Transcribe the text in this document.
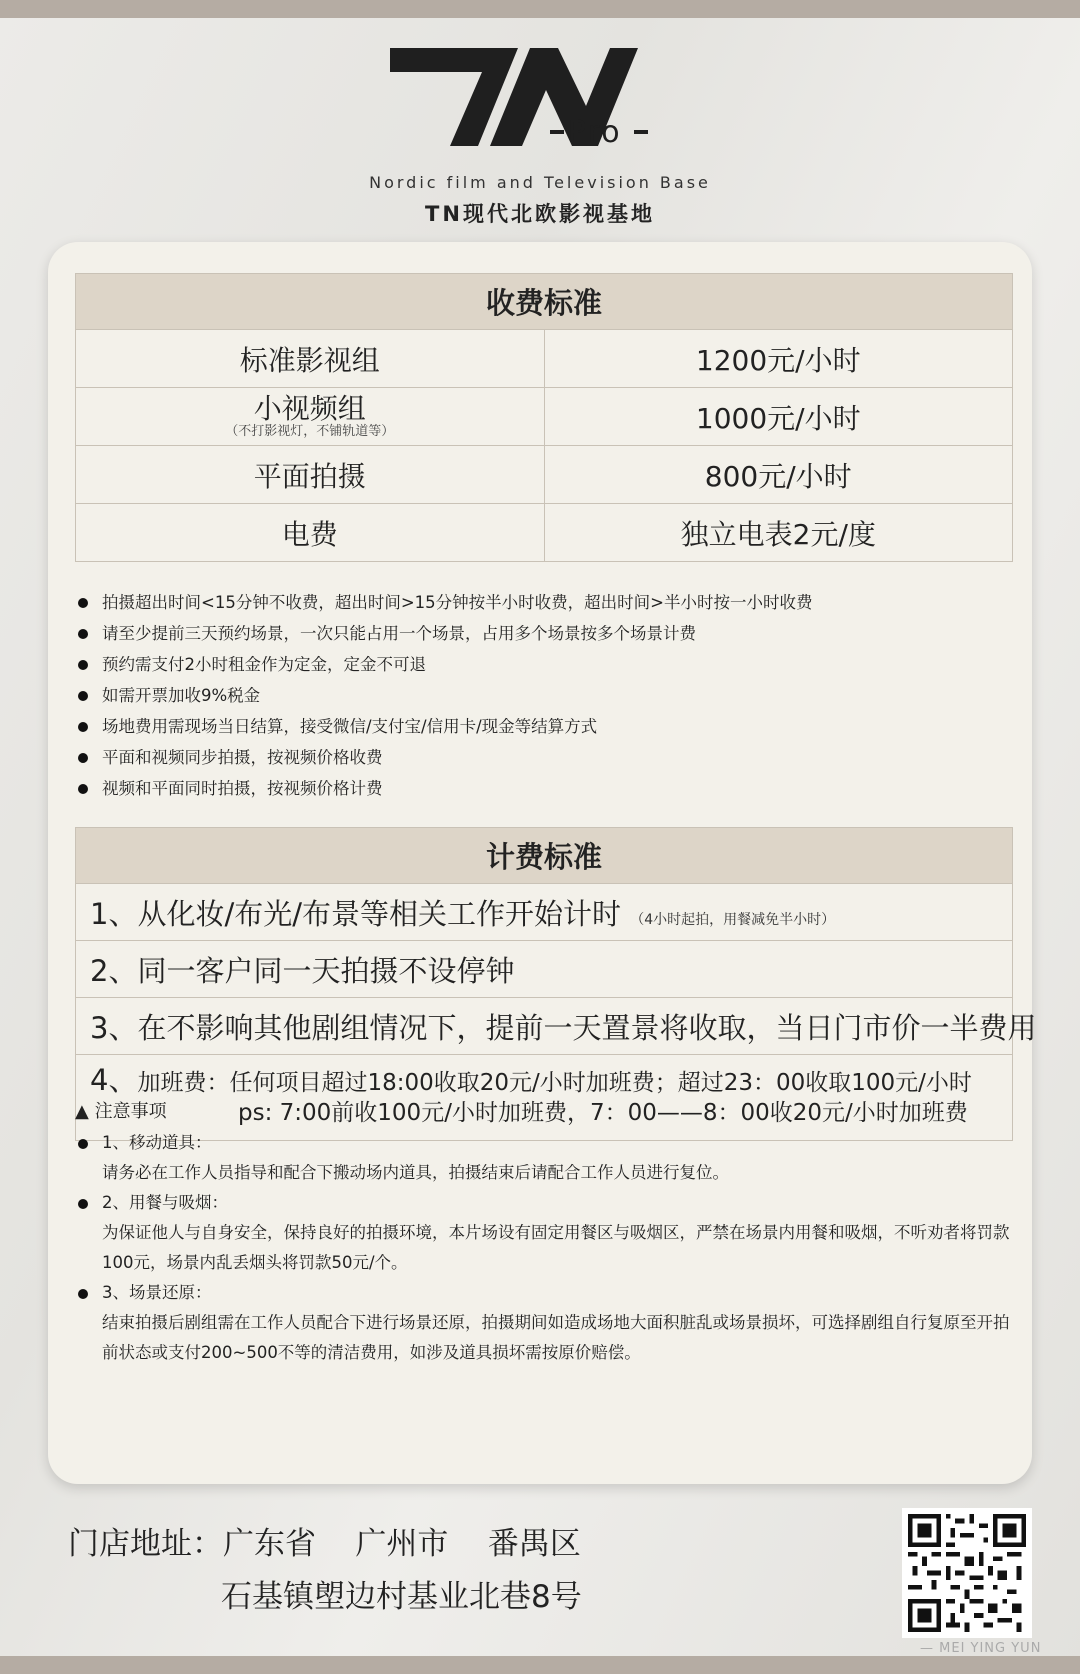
Pro
Nordic film and Television Base
TN现代北欧影视基地
收费标准	
标准影视组	1200元/小时
小视频组
（不打影视灯，不铺轨道等）	1000元/小时
平面拍摄	800元/小时
电费	独立电表2元/度
拍摄超出时间<15分钟不收费，超出时间>15分钟按半小时收费，超出时间>半小时按一小时收费
请至少提前三天预约场景，一次只能占用一个场景，占用多个场景按多个场景计费
预约需支付2小时租金作为定金，定金不可退
如需开票加收9%税金
场地费用需现场当日结算，接受微信/支付宝/信用卡/现金等结算方式
平面和视频同步拍摄，按视频价格收费
视频和平面同时拍摄，按视频价格计费
计费标准
1、从化妆/布光/布景等相关工作开始计时 （4小时起拍，用餐减免半小时）
2、同一客户同一天拍摄不设停钟
3、在不影响其他剧组情况下，提前一天置景将收取，当日门市价一半费用

4、加班费：任何项目超过18:00收取20元/小时加班费；超过23：00收取100元/小时
ps: 7:00前收100元/小时加班费，7：00——8：00收20元/小时加班费
▲ 注意事项
1、移动道具：
请务必在工作人员指导和配合下搬动场内道具，拍摄结束后请配合工作人员进行复位。
2、用餐与吸烟：
为保证他人与自身安全，保持良好的拍摄环境，本片场设有固定用餐区与吸烟区，严禁在场景内用餐和吸烟，不听劝者将罚款100元，场景内乱丢烟头将罚款50元/个。
3、场景还原：
结束拍摄后剧组需在工作人员配合下进行场景还原，拍摄期间如造成场地大面积脏乱或场景损坏，可选择剧组自行复原至开拍前状态或支付200~500不等的清洁费用，如涉及道具损坏需按原价赔偿。
门店地址：广东省    广州市    番禺区
石基镇塱边村基业北巷8号
— MEI YING YUN
